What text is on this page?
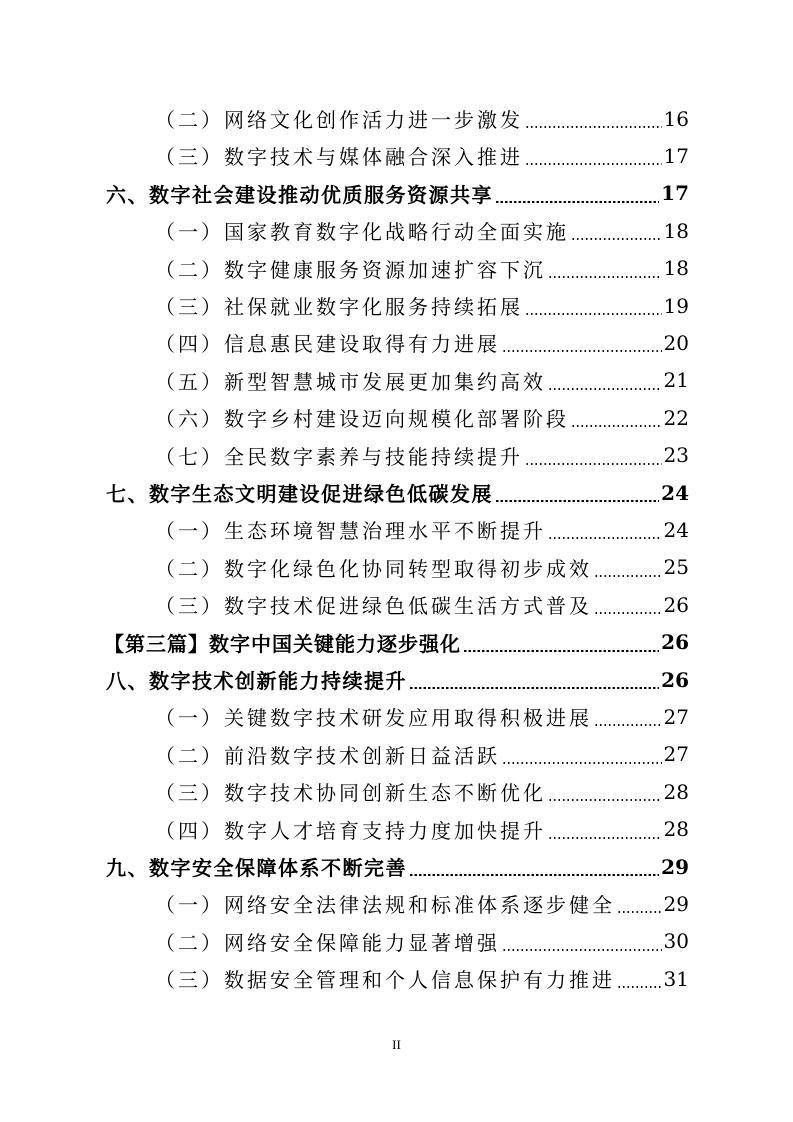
（二）网络文化创作活力进一步激发	16
（三）数字技术与媒体融合深入推进	17
六、数字社会建设推动优质服务资源共享	17
（一）国家教育数字化战略行动全面实施	18
（二）数字健康服务资源加速扩容下沉	18
（三）社保就业数字化服务持续拓展	19
（四）信息惠民建设取得有力进展	20
（五）新型智慧城市发展更加集约高效	21
（六）数字乡村建设迈向规模化部署阶段	22
（七）全民数字素养与技能持续提升	23
七、数字生态文明建设促进绿色低碳发展	24
（一）生态环境智慧治理水平不断提升	24
（二）数字化绿色化协同转型取得初步成效	25
（三）数字技术促进绿色低碳生活方式普及	26
【第三篇】数字中国关键能力逐步强化	26
八、数字技术创新能力持续提升	26
（一）关键数字技术研发应用取得积极进展	27
（二）前沿数字技术创新日益活跃	27
（三）数字技术协同创新生态不断优化	28
（四）数字人才培育支持力度加快提升	28
九、数字安全保障体系不断完善	29
（一）网络安全法律法规和标准体系逐步健全 29
（二）网络安全保障能力显著增强	30
（三）数据安全管理和个人信息保护有力推进 31
II
